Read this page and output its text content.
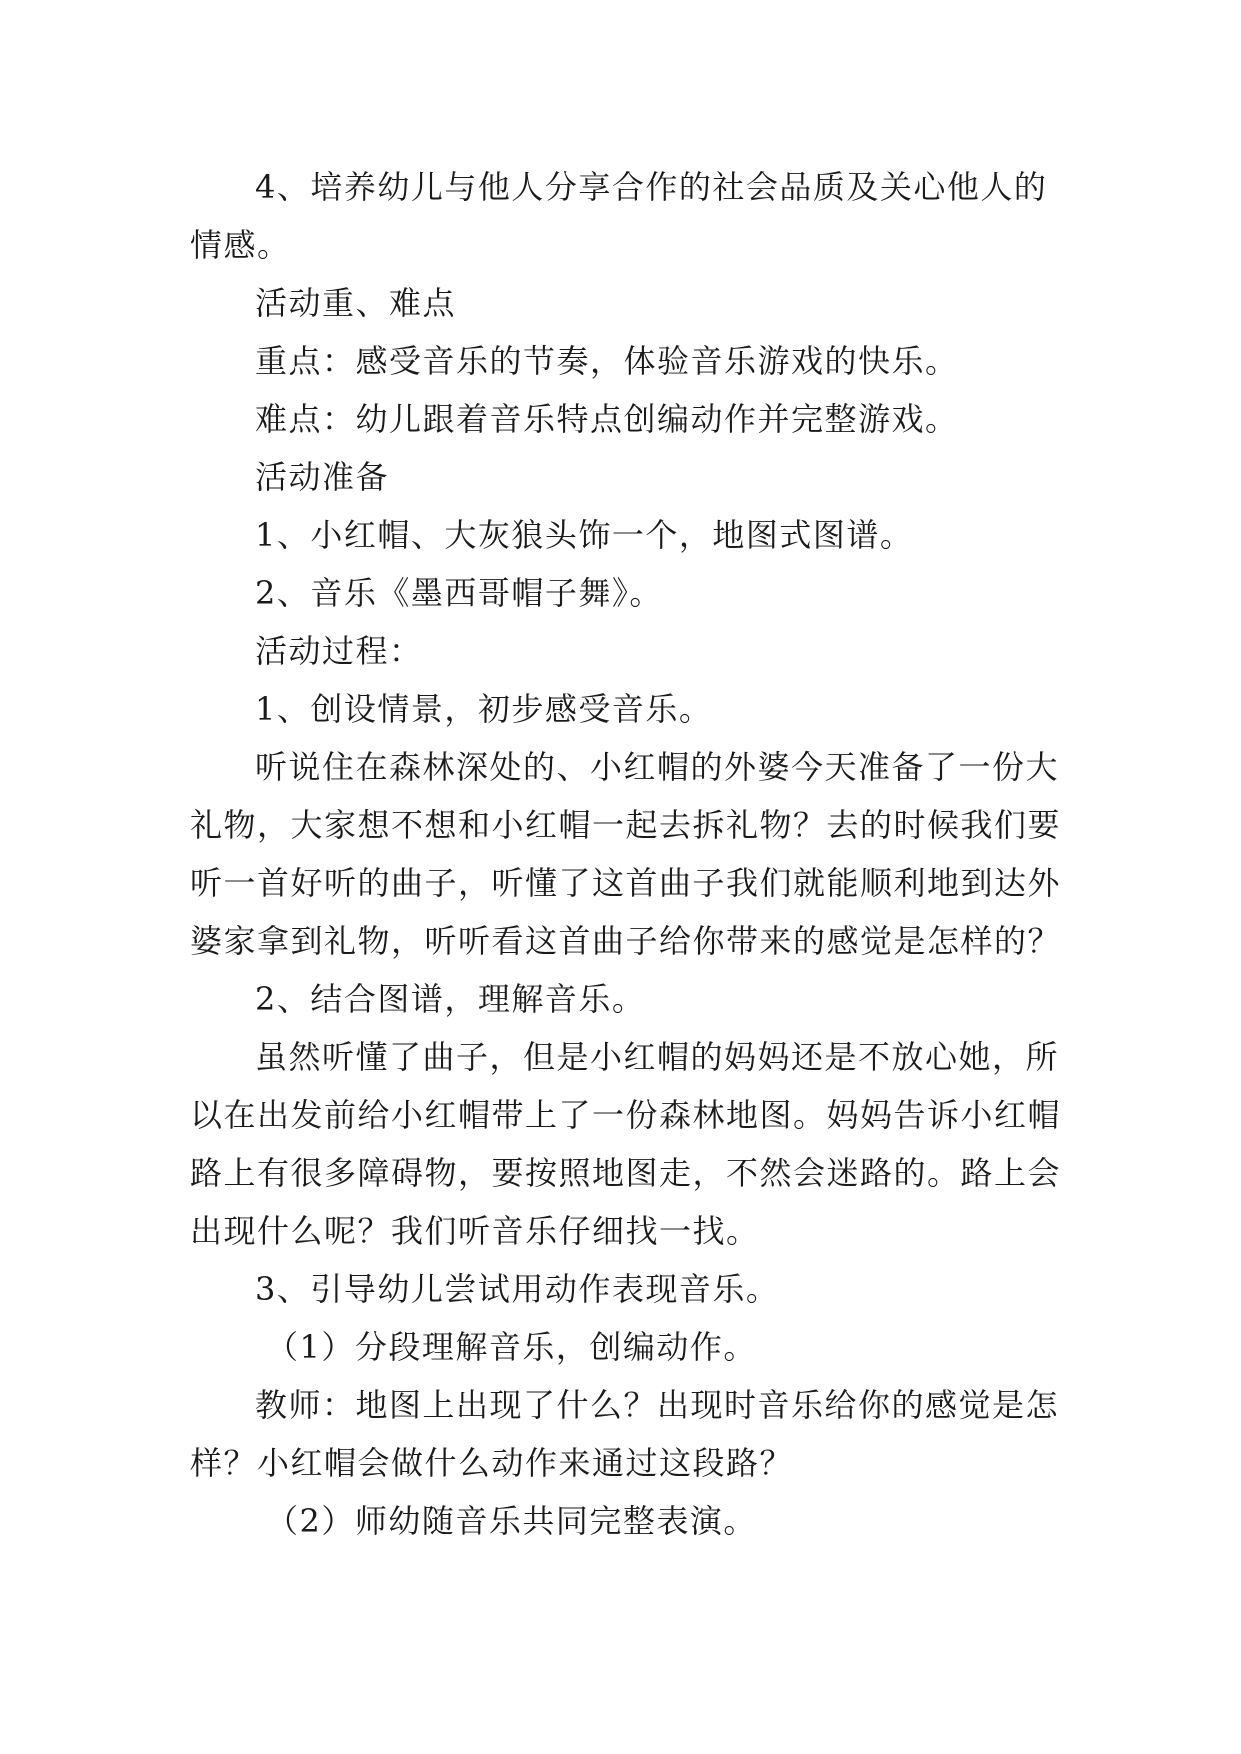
4、培养幼儿与他人分享合作的社会品质及关心他人的
情感。
活动重、难点
重点：感受音乐的节奏，体验音乐游戏的快乐。
难点：幼儿跟着音乐特点创编动作并完整游戏。
活动准备
1、小红帽、大灰狼头饰一个，地图式图谱。
2、音乐《墨西哥帽子舞》。
活动过程：
1、创设情景，初步感受音乐。
听说住在森林深处的、小红帽的外婆今天准备了一份大
礼物，大家想不想和小红帽一起去拆礼物？去的时候我们要
听一首好听的曲子，听懂了这首曲子我们就能顺利地到达外
婆家拿到礼物，听听看这首曲子给你带来的感觉是怎样的？
2、结合图谱，理解音乐。
虽然听懂了曲子，但是小红帽的妈妈还是不放心她，所
以在出发前给小红帽带上了一份森林地图。妈妈告诉小红帽
路上有很多障碍物，要按照地图走，不然会迷路的。路上会
出现什么呢？我们听音乐仔细找一找。
3、引导幼儿尝试用动作表现音乐。
（1）分段理解音乐，创编动作。
教师：地图上出现了什么？出现时音乐给你的感觉是怎
样？小红帽会做什么动作来通过这段路？
（2）师幼随音乐共同完整表演。
